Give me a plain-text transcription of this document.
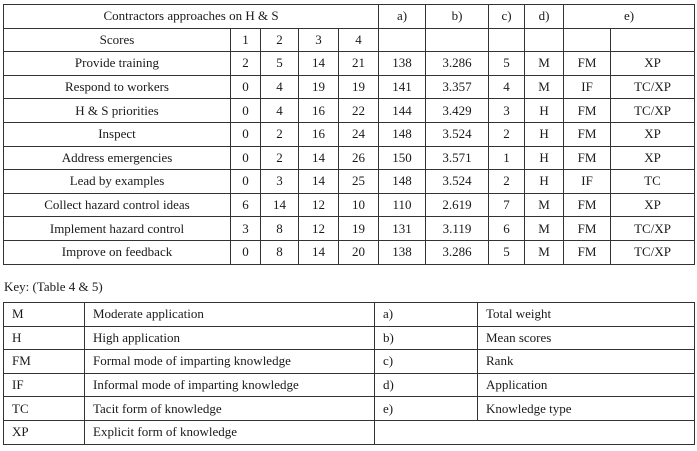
Contractors approaches on H & S					a)	b)	c)	d)	e)	
Scores	1	2	3	4						
Provide training	2	5	14	21	138	3.286	5	M	FM	XP
Respond to workers	0	4	19	19	141	3.357	4	M	IF	TC/XP
H & S priorities	0	4	16	22	144	3.429	3	H	FM	TC/XP
Inspect	0	2	16	24	148	3.524	2	H	FM	XP
Address emergencies	0	2	14	26	150	3.571	1	H	FM	XP
Lead by examples	0	3	14	25	148	3.524	2	H	IF	TC
Collect hazard control ideas	6	14	12	10	110	2.619	7	M	FM	XP
Implement hazard control	3	8	12	19	131	3.119	6	M	FM	TC/XP
Improve on feedback	0	8	14	20	138	3.286	5	M	FM	TC/XP
Key: (Table 4 & 5)
M	Moderate application	a)	Total weight
H	High application	b)	Mean scores
FM	Formal mode of imparting knowledge	c)	Rank
IF	Informal mode of imparting knowledge	d)	Application
TC	Tacit form of knowledge	e)	Knowledge type
XP	Explicit form of knowledge		
